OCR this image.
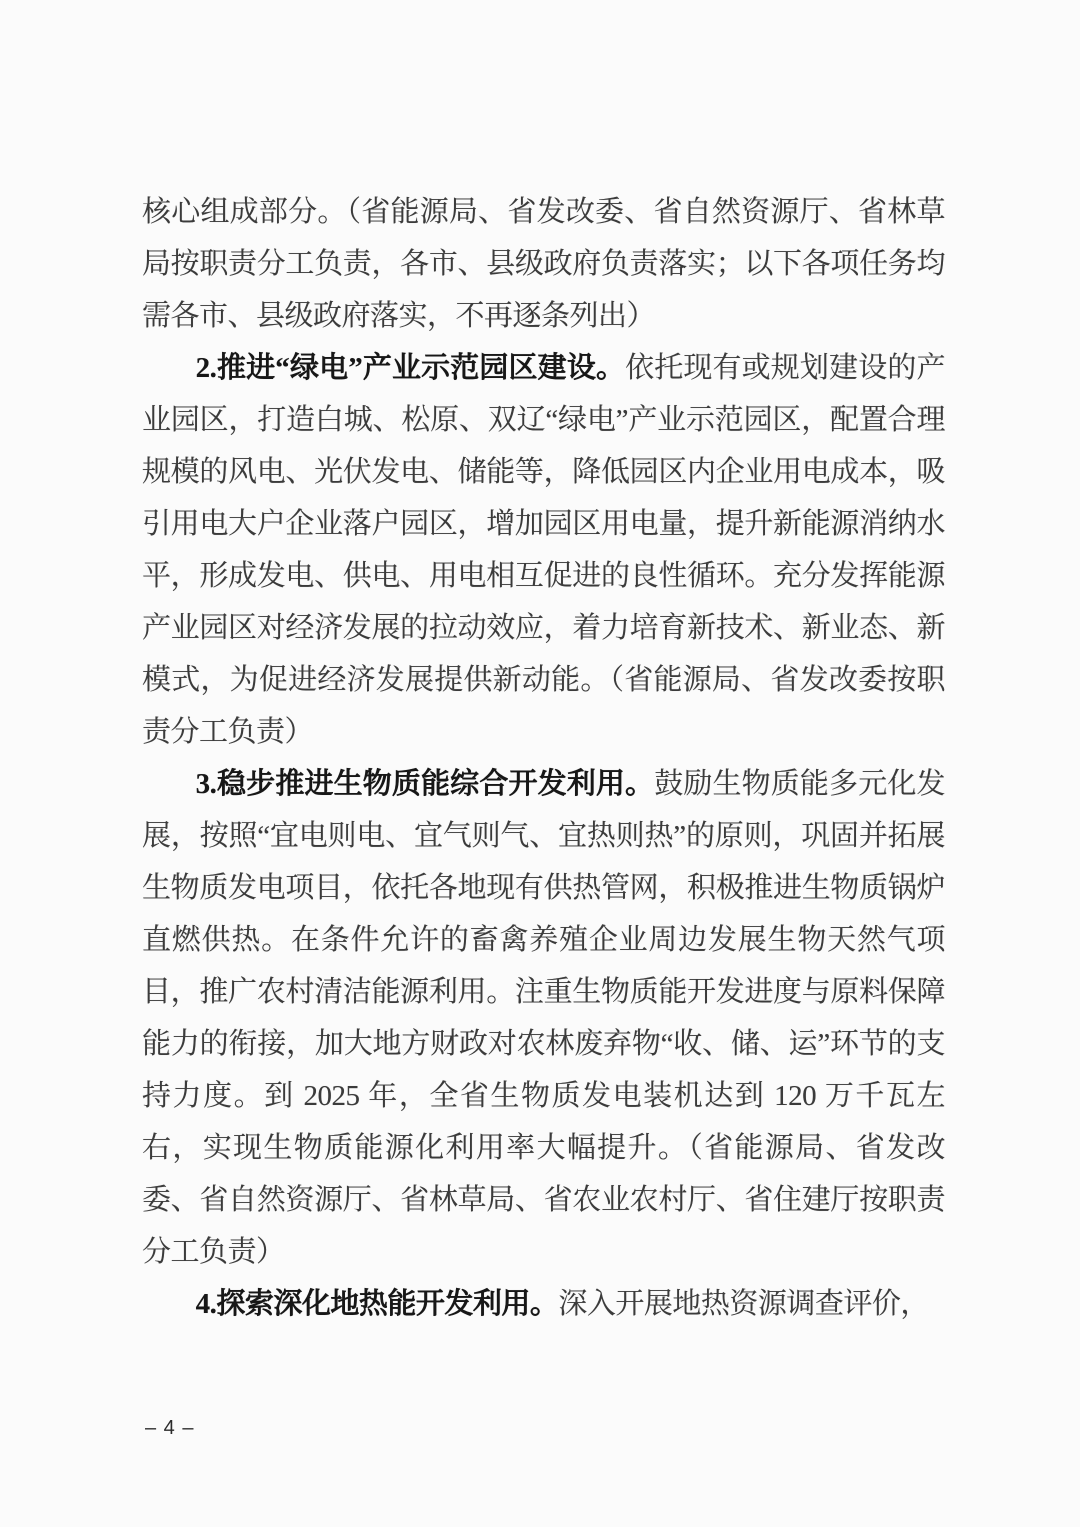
核心组成部分。（省能源局、省发改委、省自然资源厅、省林草局按职责分工负责，各市、县级政府负责落实；以下各项任务均需各市、县级政府落实，不再逐条列出）

2.推进“绿电”产业示范园区建设。依托现有或规划建设的产业园区，打造白城、松原、双辽“绿电”产业示范园区，配置合理规模的风电、光伏发电、储能等，降低园区内企业用电成本，吸引用电大户企业落户园区，增加园区用电量，提升新能源消纳水平，形成发电、供电、用电相互促进的良性循环。充分发挥能源产业园区对经济发展的拉动效应，着力培育新技术、新业态、新模式，为促进经济发展提供新动能。（省能源局、省发改委按职责分工负责）

3.稳步推进生物质能综合开发利用。鼓励生物质能多元化发展，按照“宜电则电、宜气则气、宜热则热”的原则，巩固并拓展生物质发电项目，依托各地现有供热管网，积极推进生物质锅炉直燃供热。在条件允许的畜禽养殖企业周边发展生物天然气项目，推广农村清洁能源利用。注重生物质能开发进度与原料保障能力的衔接，加大地方财政对农林废弃物“收、储、运”环节的支持力度。到 2025 年，全省生物质发电装机达到 120 万千瓦左右，实现生物质能源化利用率大幅提升。（省能源局、省发改委、省自然资源厅、省林草局、省农业农村厅、省住建厅按职责分工负责）

4.探索深化地热能开发利用。深入开展地热资源调查评价，

– 4 –
